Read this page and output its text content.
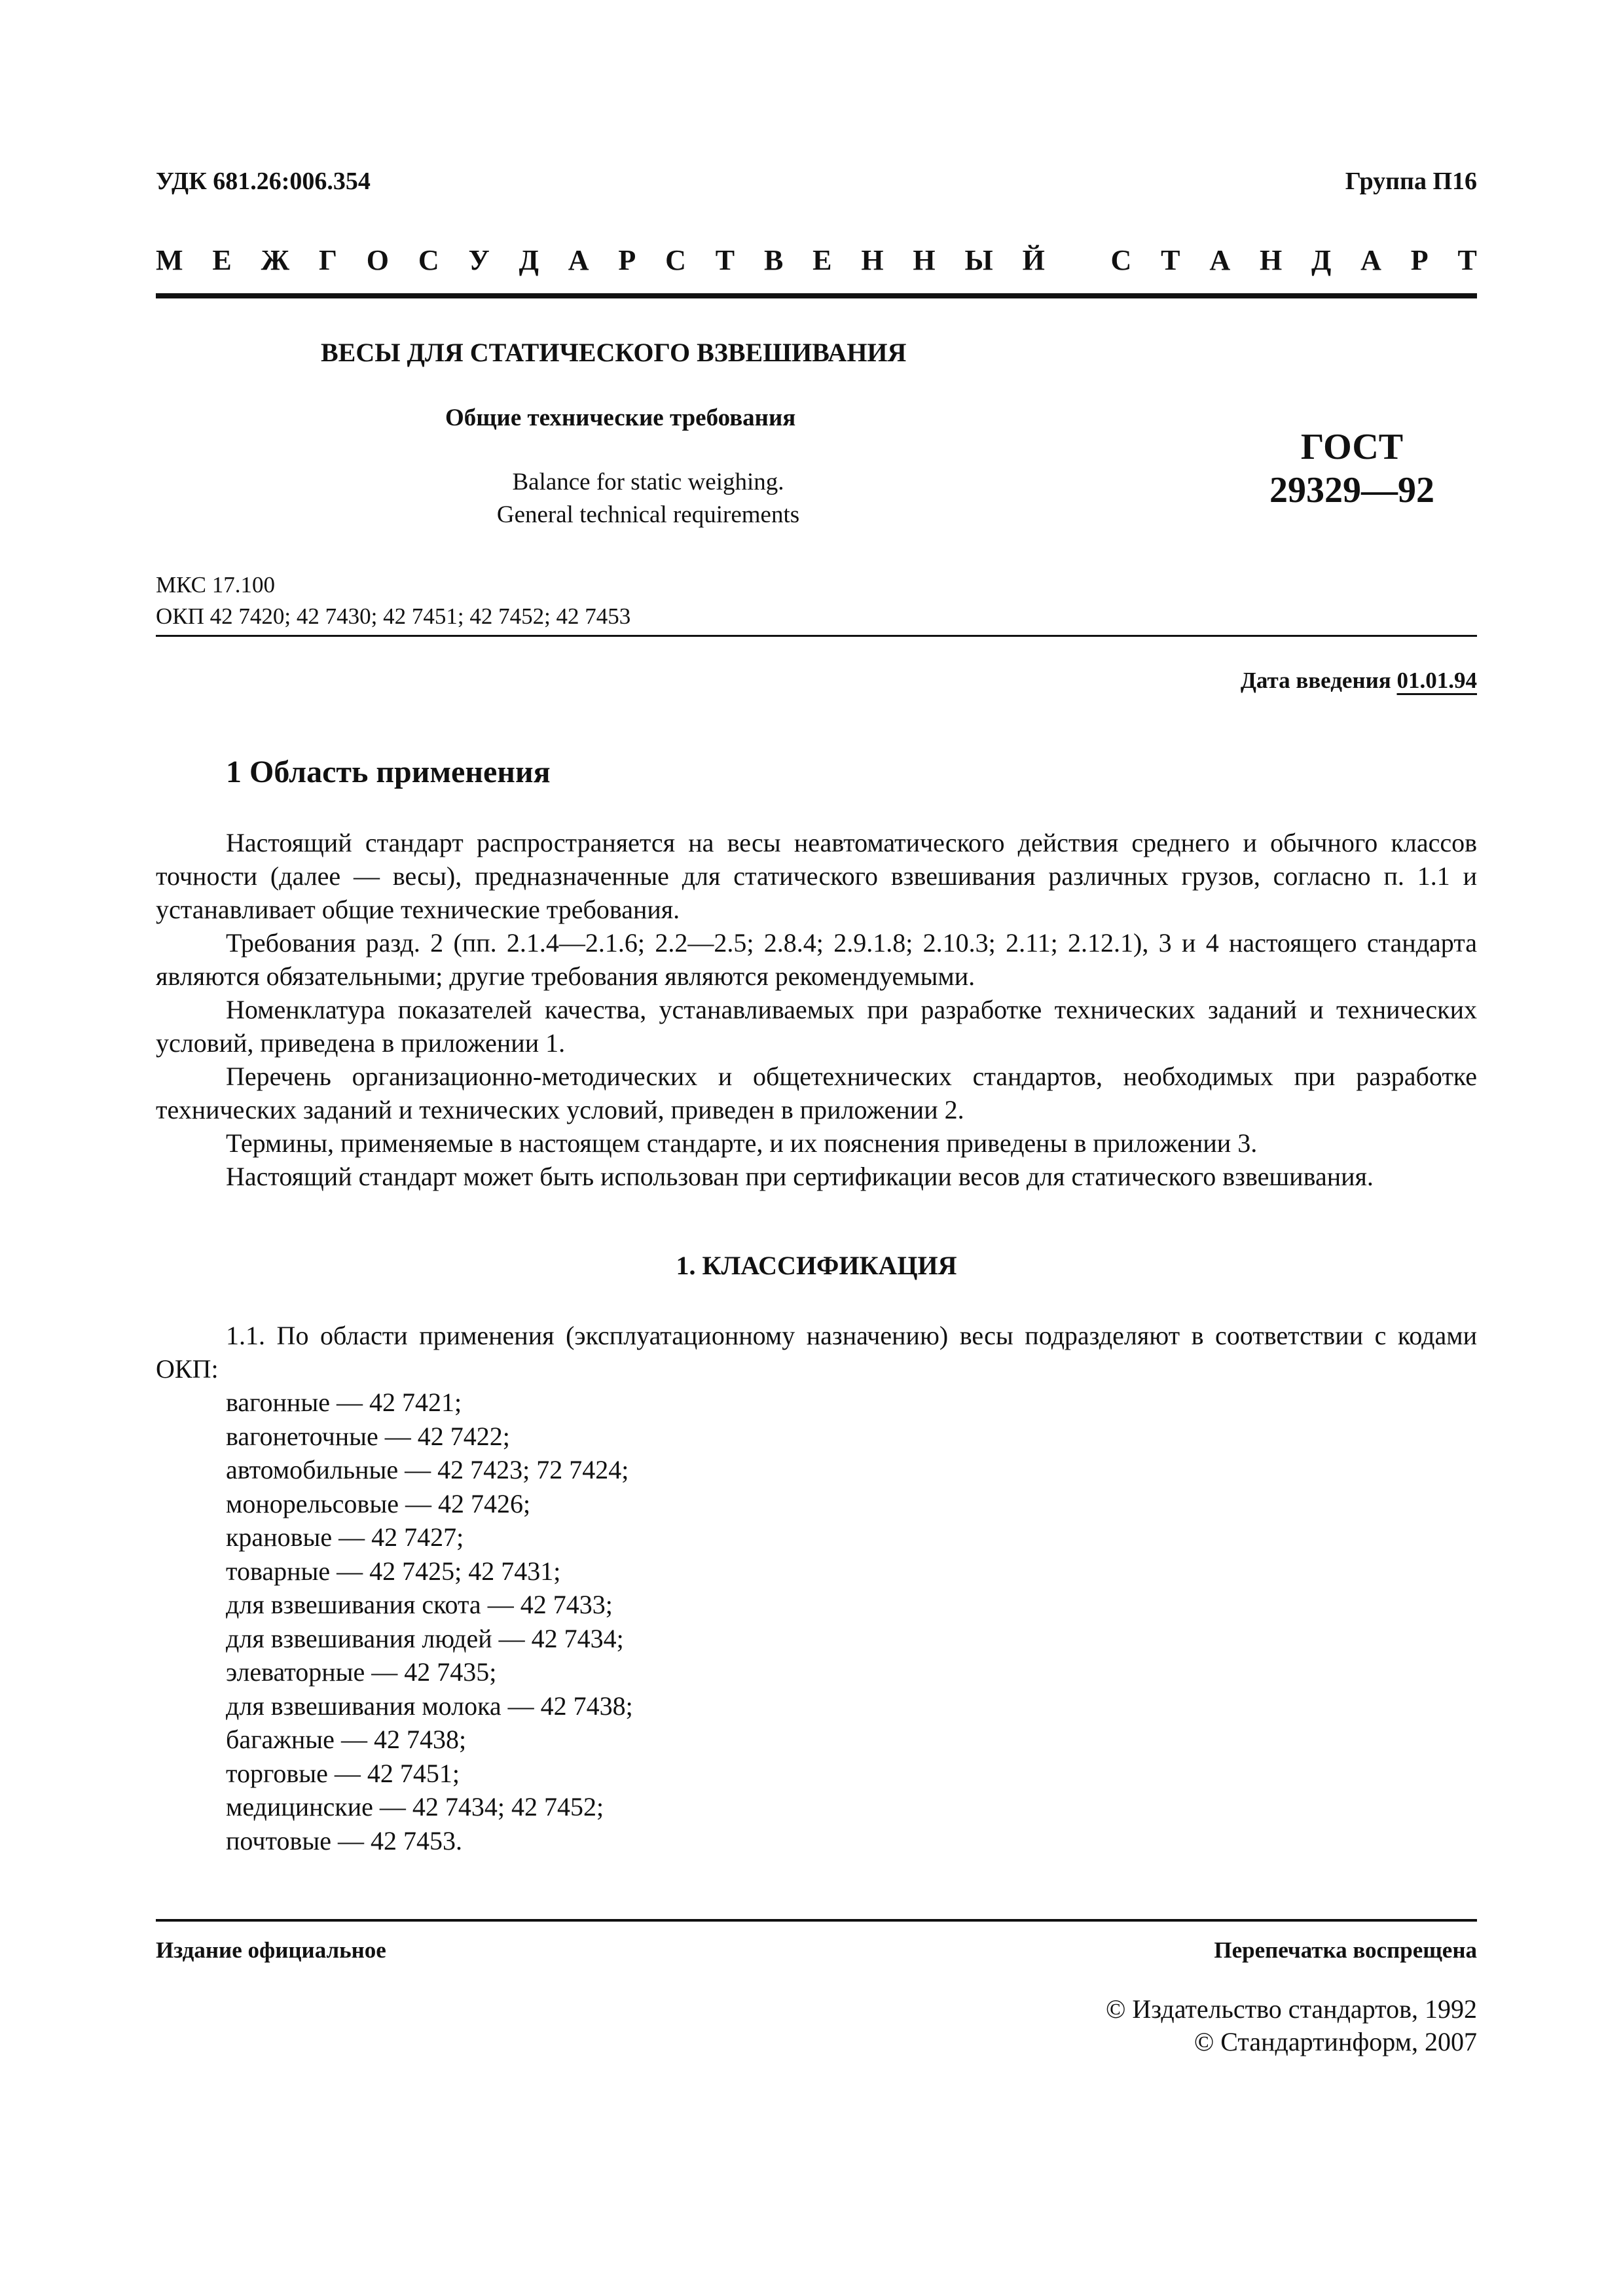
УДК 681.26:006.354	Группа П16
М Е Ж Г О С У Д А Р С Т В Е Н Н Ы Й
С Т А Н Д А Р Т
ВЕСЫ ДЛЯ СТАТИЧЕСКОГО ВЗВЕШИВАНИЯ
Общие технические требования
Balance for static weighing.
General technical requirements
ГОСТ
29329—92
МКС 17.100
ОКП 42 7420; 42 7430; 42 7451; 42 7452; 42 7453
Дата введения 01.01.94
1 Область применения

Настоящий стандарт распространяется на весы неавтоматического действия среднего и обычного классов точности (далее — весы), предназначенные для статического взвешивания различных грузов, согласно п. 1.1 и устанавливает общие технические требования.

Требования разд. 2 (пп. 2.1.4—2.1.6; 2.2—2.5; 2.8.4; 2.9.1.8; 2.10.3; 2.11; 2.12.1), 3 и 4 настоящего стандарта являются обязательными; другие требования являются рекомендуемыми.

Номенклатура показателей качества, устанавливаемых при разработке технических заданий и технических условий, приведена в приложении 1.

Перечень организационно-методических и общетехнических стандартов, необходимых при разработке технических заданий и технических условий, приведен в приложении 2.

Термины, применяемые в настоящем стандарте, и их пояснения приведены в приложении 3.

Настоящий стандарт может быть использован при сертификации весов для статического взвешивания.

1. КЛАССИФИКАЦИЯ

1.1. По области применения (эксплуатационному назначению) весы подразделяют в соответствии с кодами ОКП:

вагонные — 42 7421;
вагонеточные — 42 7422;
автомобильные — 42 7423; 72 7424;
монорельсовые — 42 7426;
крановые — 42 7427;
товарные — 42 7425; 42 7431;
для взвешивания скота — 42 7433;
для взвешивания людей — 42 7434;
элеваторные — 42 7435;
для взвешивания молока — 42 7438;
багажные — 42 7438;
торговые — 42 7451;
медицинские — 42 7434; 42 7452;
почтовые — 42 7453.
Издание официальное	Перепечатка воспрещена
© Издательство стандартов, 1992
© Стандартинформ, 2007
